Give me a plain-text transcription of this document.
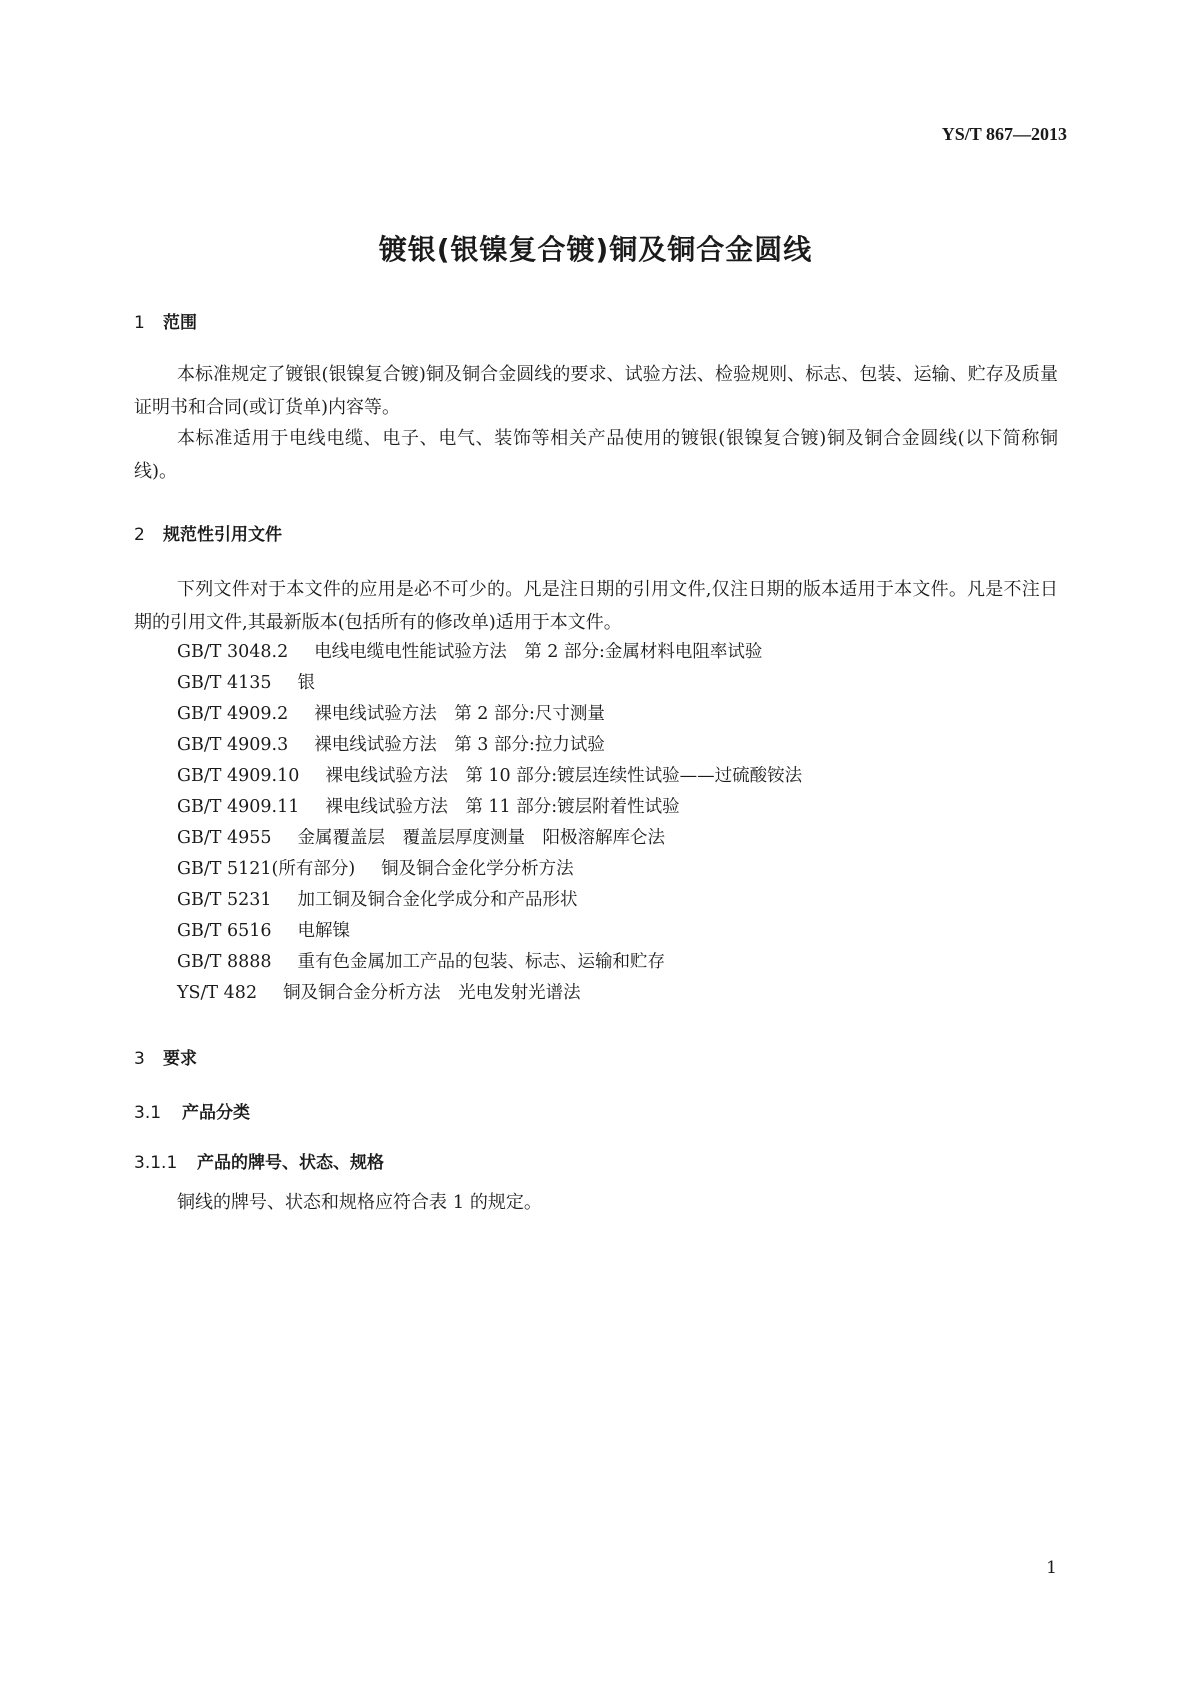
YS/T 867—2013
镀银(银镍复合镀)铜及铜合金圆线
1 范围
本标准规定了镀银(银镍复合镀)铜及铜合金圆线的要求、试验方法、检验规则、标志、包装、运输、贮存及质量证明书和合同(或订货单)内容等。
本标准适用于电线电缆、电子、电气、装饰等相关产品使用的镀银(银镍复合镀)铜及铜合金圆线(以下简称铜线)。
2 规范性引用文件
下列文件对于本文件的应用是必不可少的。凡是注日期的引用文件,仅注日期的版本适用于本文件。凡是不注日期的引用文件,其最新版本(包括所有的修改单)适用于本文件。
GB/T 3048.2 电线电缆电性能试验方法　第 2 部分:金属材料电阻率试验
GB/T 4135 银
GB/T 4909.2 裸电线试验方法　第 2 部分:尺寸测量
GB/T 4909.3 裸电线试验方法　第 3 部分:拉力试验
GB/T 4909.10 裸电线试验方法　第 10 部分:镀层连续性试验——过硫酸铵法
GB/T 4909.11 裸电线试验方法　第 11 部分:镀层附着性试验
GB/T 4955 金属覆盖层　覆盖层厚度测量　阳极溶解库仑法
GB/T 5121(所有部分) 铜及铜合金化学分析方法
GB/T 5231 加工铜及铜合金化学成分和产品形状
GB/T 6516 电解镍
GB/T 8888 重有色金属加工产品的包装、标志、运输和贮存
YS/T 482 铜及铜合金分析方法　光电发射光谱法
3 要求
3.1 产品分类
3.1.1 产品的牌号、状态、规格
铜线的牌号、状态和规格应符合表 1 的规定。
1
